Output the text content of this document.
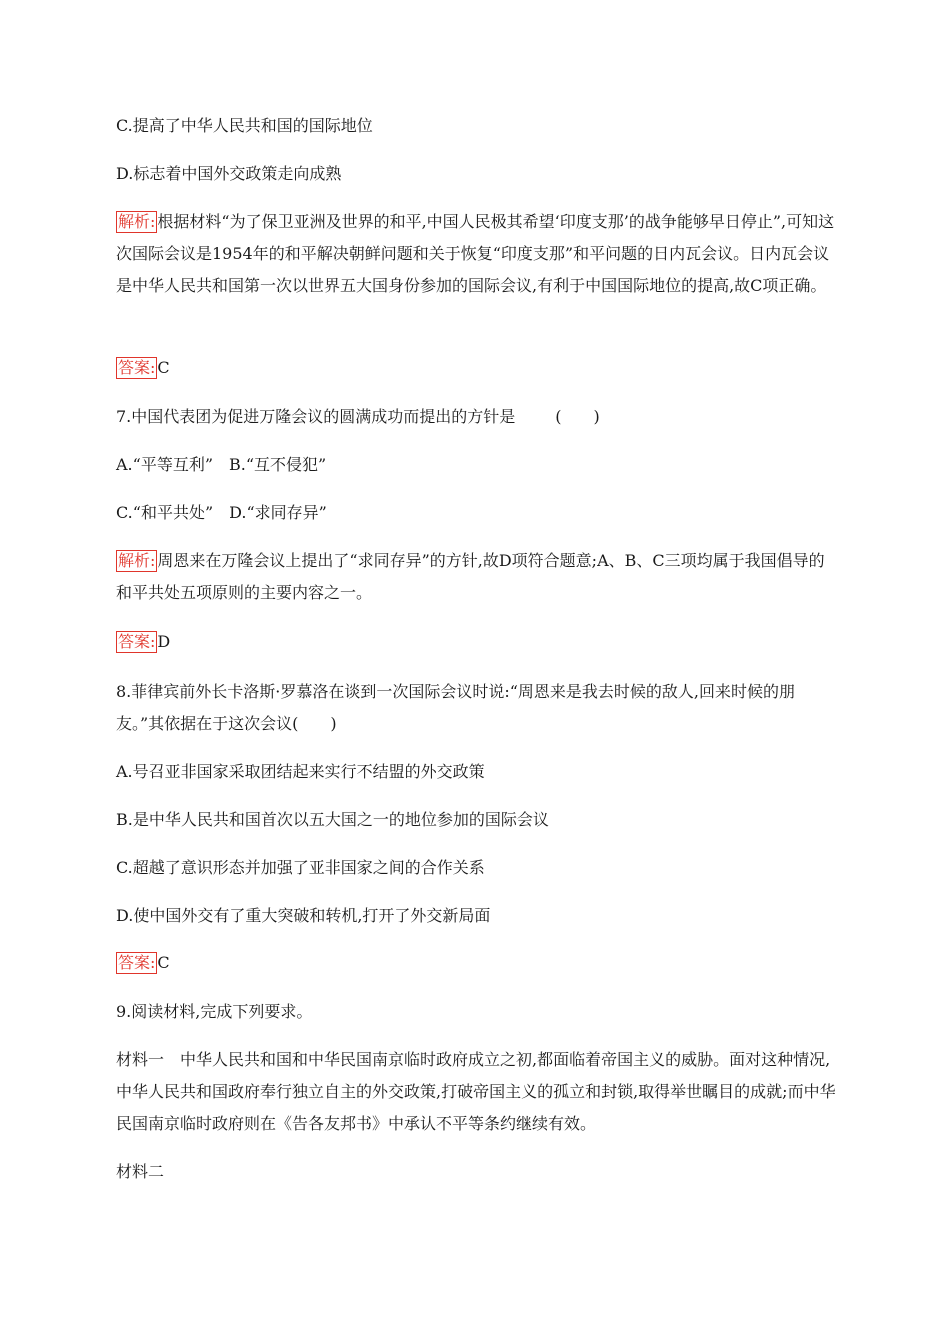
C.提高了中华人民共和国的国际地位

D.标志着中国外交政策走向成熟

解析: 根据材料“为了保卫亚洲及世界的和平,中国人民极其希望‘印度支那’的战争能够早日停止”,可知这次国际会议是1954年的和平解决朝鲜问题和关于恢复“印度支那”和平问题的日内瓦会议。日内瓦会议是中华人民共和国第一次以世界五大国身份参加的国际会议,有利于中国国际地位的提高,故C项正确。

答案: C

7.中国代表团为促进万隆会议的圆满成功而提出的方针是	(　　)

A.“平等互利”　B.“互不侵犯”

C.“和平共处”　D.“求同存异”

解析: 周恩来在万隆会议上提出了“求同存异”的方针,故D项符合题意;A、B、C三项均属于我国倡导的和平共处五项原则的主要内容之一。

答案: D

8.菲律宾前外长卡洛斯·罗慕洛在谈到一次国际会议时说:“周恩来是我去时候的敌人,回来时候的朋友。”其依据在于这次会议(　　)

A.号召亚非国家采取团结起来实行不结盟的外交政策

B.是中华人民共和国首次以五大国之一的地位参加的国际会议

C.超越了意识形态并加强了亚非国家之间的合作关系

D.使中国外交有了重大突破和转机,打开了外交新局面

答案: C

9.阅读材料,完成下列要求。

材料一　中华人民共和国和中华民国南京临时政府成立之初,都面临着帝国主义的威胁。面对这种情况,中华人民共和国政府奉行独立自主的外交政策,打破帝国主义的孤立和封锁,取得举世瞩目的成就;而中华民国南京临时政府则在《告各友邦书》中承认不平等条约继续有效。

材料二
